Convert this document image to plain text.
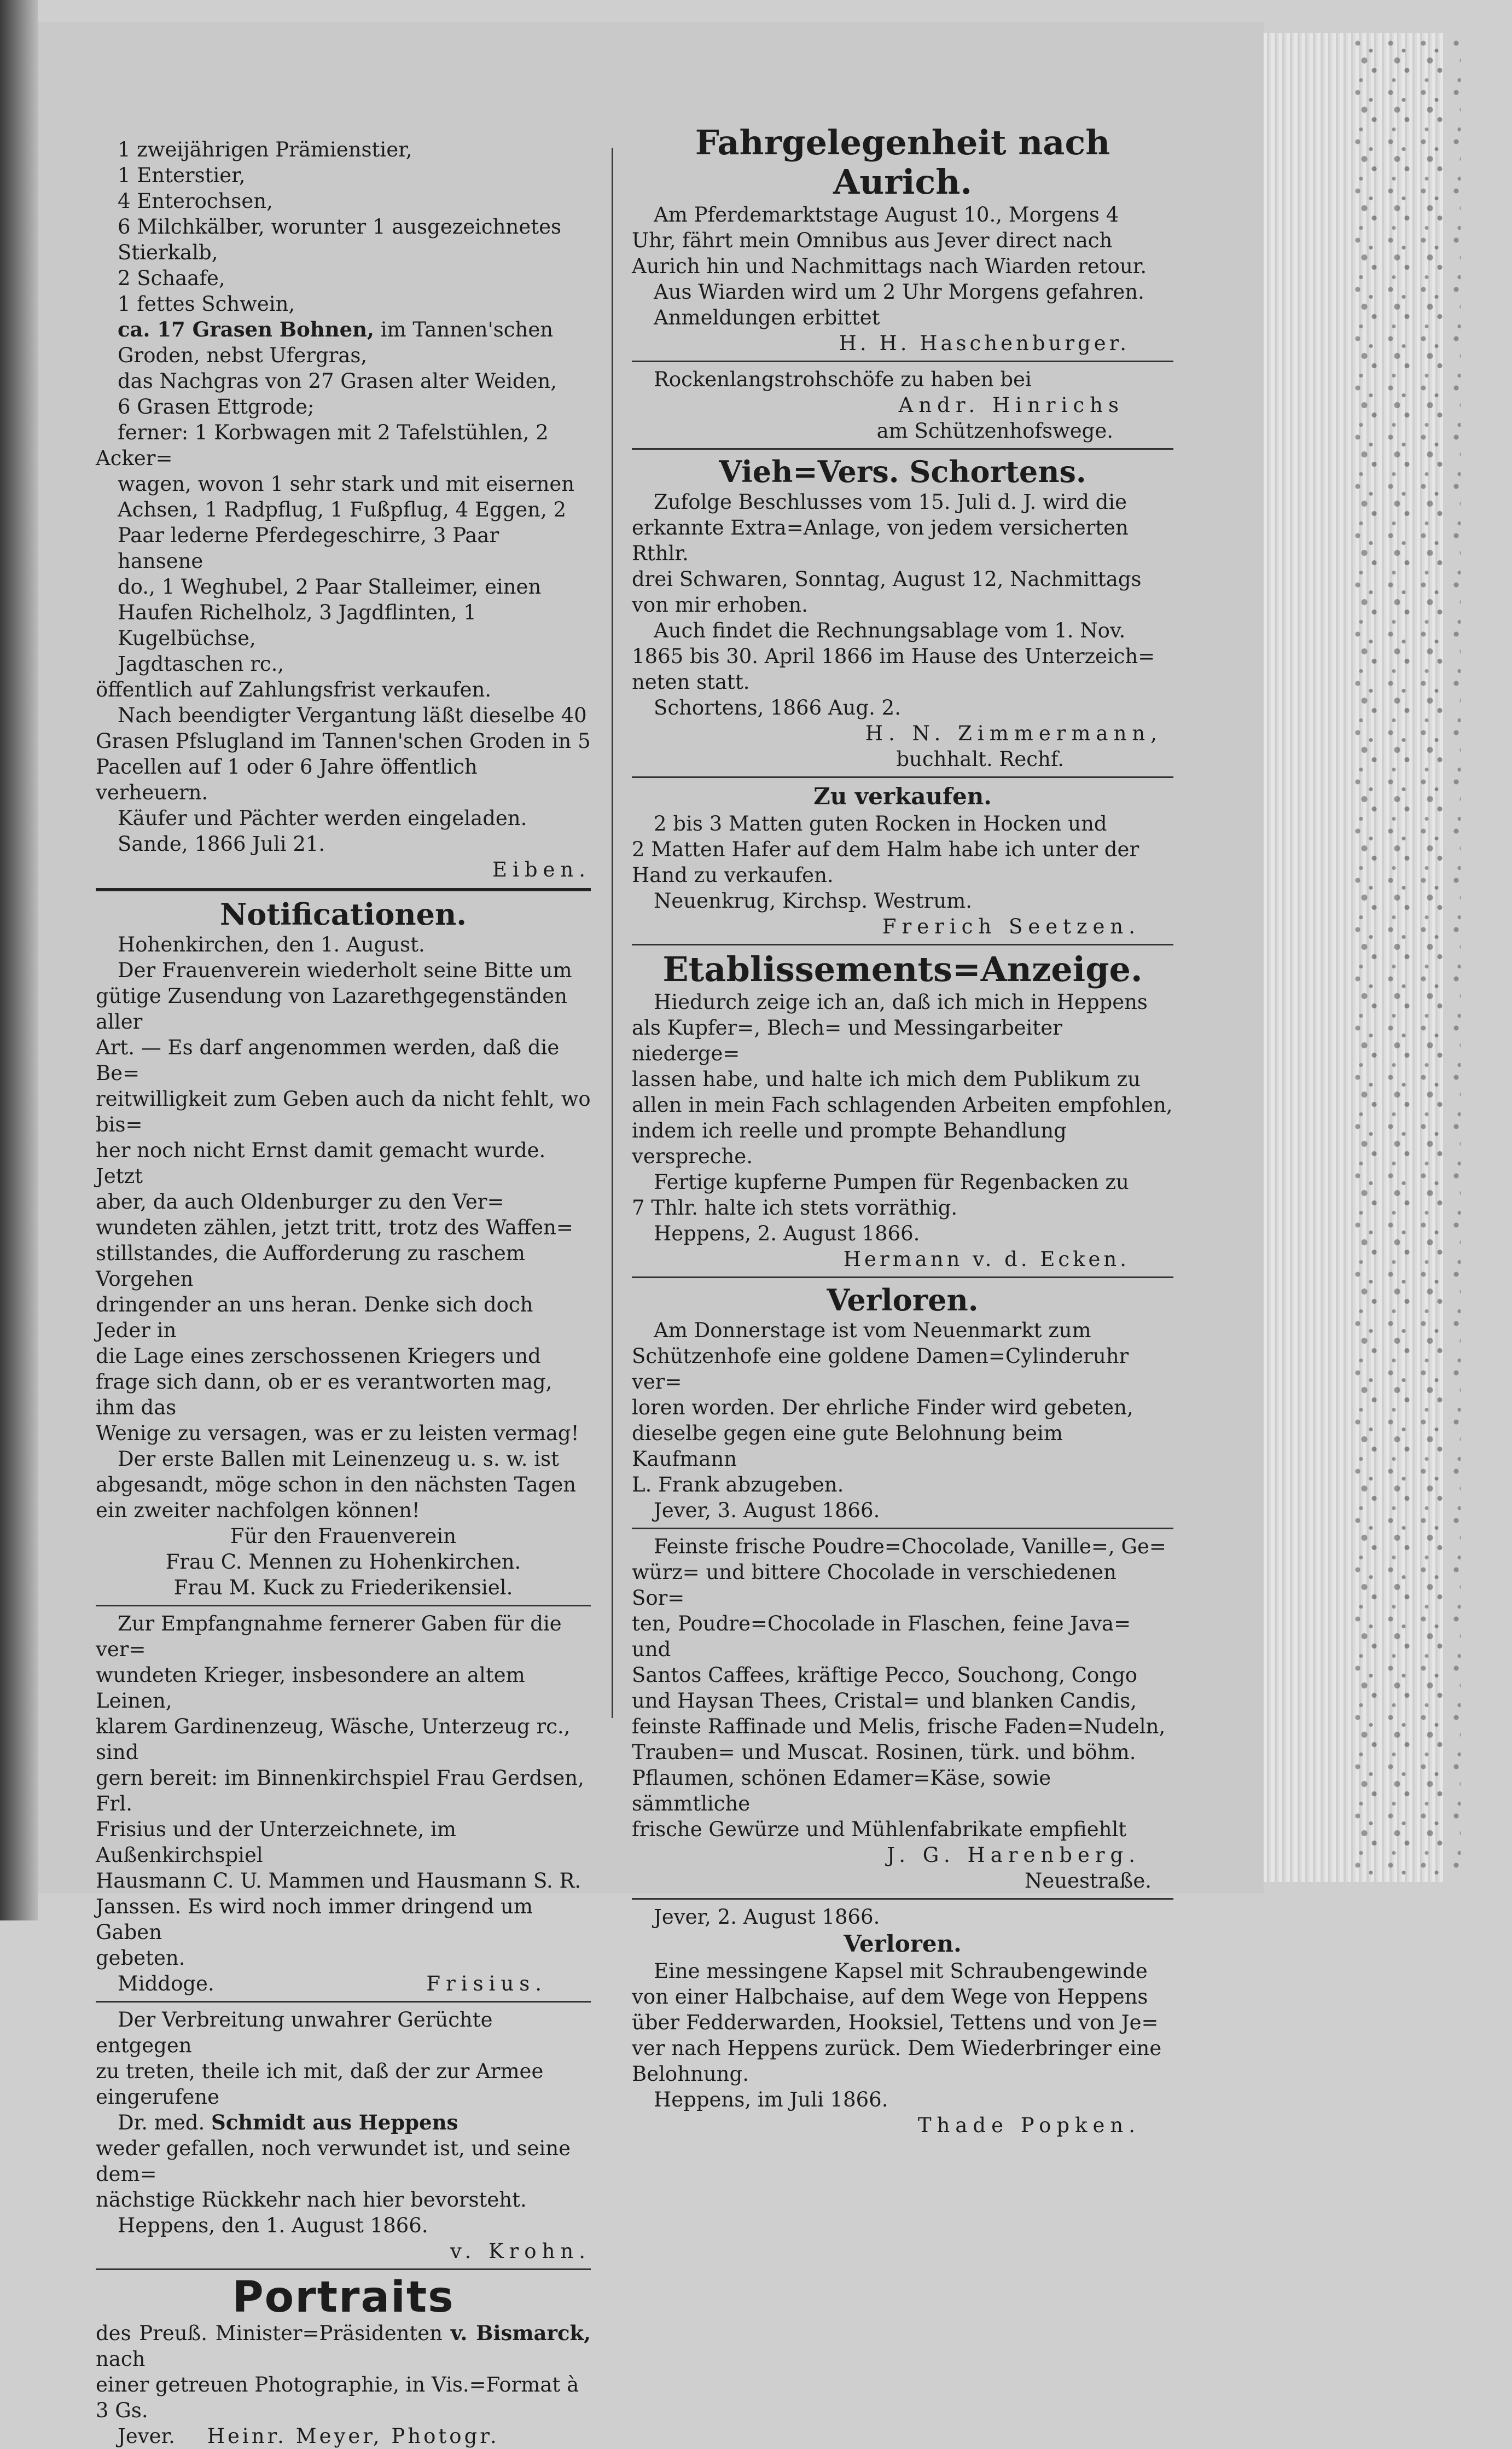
1 zweijährigen Prämienstier,

1 Enterstier,

4 Enterochsen,

6 Milchkälber, worunter 1 ausgezeichnetes

Stierkalb,

2 Schaafe,

1 fettes Schwein,

ca. 17 Grasen Bohnen, im Tannen'schen

Groden, nebst Ufergras,

das Nachgras von 27 Grasen alter Weiden,

6 Grasen Ettgrode;

ferner: 1 Korbwagen mit 2 Tafelstühlen, 2 Acker=

wagen, wovon 1 sehr stark und mit eisernen

Achsen, 1 Radpflug, 1 Fußpflug, 4 Eggen, 2

Paar lederne Pferdegeschirre, 3 Paar hansene

do., 1 Weghubel, 2 Paar Stalleimer, einen

Haufen Richelholz, 3 Jagdflinten, 1 Kugelbüchse,

Jagdtaschen rc.,

öffentlich auf Zahlungsfrist verkaufen.

Nach beendigter Vergantung läßt dieselbe 40

Grasen Pfslugland im Tannen'schen Groden in 5

Pacellen auf 1 oder 6 Jahre öffentlich verheuern.

Käufer und Pächter werden eingeladen.

Sande, 1866 Juli 21.

Eiben.

Notificationen.

Hohenkirchen, den 1. August.

Der Frauenverein wiederholt seine Bitte um

gütige Zusendung von Lazarethgegenständen aller

Art. — Es darf angenommen werden, daß die Be=

reitwilligkeit zum Geben auch da nicht fehlt, wo bis=

her noch nicht Ernst damit gemacht wurde. Jetzt

aber, da auch Oldenburger zu den Ver=

wundeten zählen, jetzt tritt, trotz des Waffen=

stillstandes, die Aufforderung zu raschem Vorgehen

dringender an uns heran. Denke sich doch Jeder in

die Lage eines zerschossenen Kriegers und

frage sich dann, ob er es verantworten mag, ihm das

Wenige zu versagen, was er zu leisten vermag!

Der erste Ballen mit Leinenzeug u. s. w. ist

abgesandt, möge schon in den nächsten Tagen

ein zweiter nachfolgen können!

Für den Frauenverein

Frau C. Mennen zu Hohenkirchen.

Frau M. Kuck zu Friederikensiel.

Zur Empfangnahme fernerer Gaben für die ver=

wundeten Krieger, insbesondere an altem Leinen,

klarem Gardinenzeug, Wäsche, Unterzeug rc., sind

gern bereit: im Binnenkirchspiel Frau Gerdsen, Frl.

Frisius und der Unterzeichnete, im Außenkirchspiel

Hausmann C. U. Mammen und Hausmann S. R.

Janssen. Es wird noch immer dringend um Gaben

gebeten.

Middoge.	Frisius.

Der Verbreitung unwahrer Gerüchte entgegen

zu treten, theile ich mit, daß der zur Armee eingerufene

Dr. med. Schmidt aus Heppens

weder gefallen, noch verwundet ist, und seine dem=

nächstige Rückkehr nach hier bevorsteht.

Heppens, den 1. August 1866.

v. Krohn.

Portraits

des Preuß. Minister=Präsidenten v. Bismarck, nach

einer getreuen Photographie, in Vis.=Format à 3 Gs.

Jever. Heinr. Meyer, Photogr.

Fahrgelegenheit nach Aurich.

Am Pferdemarktstage August 10., Morgens 4

Uhr, fährt mein Omnibus aus Jever direct nach

Aurich hin und Nachmittags nach Wiarden retour.

Aus Wiarden wird um 2 Uhr Morgens gefahren.

Anmeldungen erbittet

H. H. Haschenburger.

Rockenlangstrohschöfe zu haben bei

Andr. Hinrichs

am Schützenhofswege.

Vieh=Vers. Schortens.

Zufolge Beschlusses vom 15. Juli d. J. wird die

erkannte Extra=Anlage, von jedem versicherten Rthlr.

drei Schwaren, Sonntag, August 12, Nachmittags

von mir erhoben.

Auch findet die Rechnungsablage vom 1. Nov.

1865 bis 30. April 1866 im Hause des Unterzeich=

neten statt.

Schortens, 1866 Aug. 2.

H. N. Zimmermann,

buchhalt. Rechf.

Zu verkaufen.

2 bis 3 Matten guten Rocken in Hocken und

2 Matten Hafer auf dem Halm habe ich unter der

Hand zu verkaufen.

Neuenkrug, Kirchsp. Westrum.

Frerich Seetzen.

Etablissements=Anzeige.

Hiedurch zeige ich an, daß ich mich in Heppens

als Kupfer=, Blech= und Messingarbeiter niederge=

lassen habe, und halte ich mich dem Publikum zu

allen in mein Fach schlagenden Arbeiten empfohlen,

indem ich reelle und prompte Behandlung verspreche.

Fertige kupferne Pumpen für Regenbacken zu

7 Thlr. halte ich stets vorräthig.

Heppens, 2. August 1866.

Hermann v. d. Ecken.

Verloren.

Am Donnerstage ist vom Neuenmarkt zum

Schützenhofe eine goldene Damen=Cylinderuhr ver=

loren worden. Der ehrliche Finder wird gebeten,

dieselbe gegen eine gute Belohnung beim Kaufmann

L. Frank abzugeben.

Jever, 3. August 1866.

Feinste frische Poudre=Chocolade, Vanille=, Ge=

würz= und bittere Chocolade in verschiedenen Sor=

ten, Poudre=Chocolade in Flaschen, feine Java= und

Santos Caffees, kräftige Pecco, Souchong, Congo

und Haysan Thees, Cristal= und blanken Candis,

feinste Raffinade und Melis, frische Faden=Nudeln,

Trauben= und Muscat. Rosinen, türk. und böhm.

Pflaumen, schönen Edamer=Käse, sowie sämmtliche

frische Gewürze und Mühlenfabrikate empfiehlt

J. G. Harenberg.

Neuestraße.

Jever, 2. August 1866.

Verloren.

Eine messingene Kapsel mit Schraubengewinde

von einer Halbchaise, auf dem Wege von Heppens

über Fedderwarden, Hooksiel, Tettens und von Je=

ver nach Heppens zurück. Dem Wiederbringer eine

Belohnung.

Heppens, im Juli 1866.

Thade Popken.
